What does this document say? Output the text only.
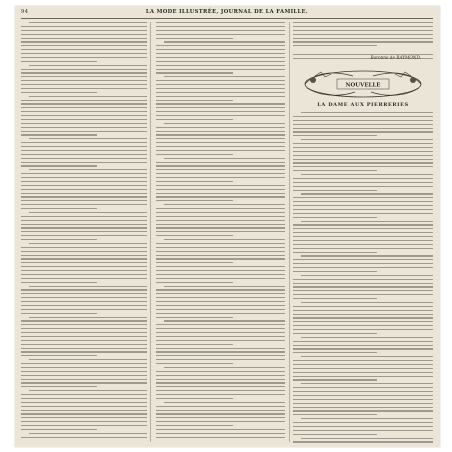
94	LA MODE ILLUSTRÉE, JOURNAL DE LA FAMILLE.
Baronne de RAYMOND.
NOUVELLE
LA DAME AUX PIERRERIES
